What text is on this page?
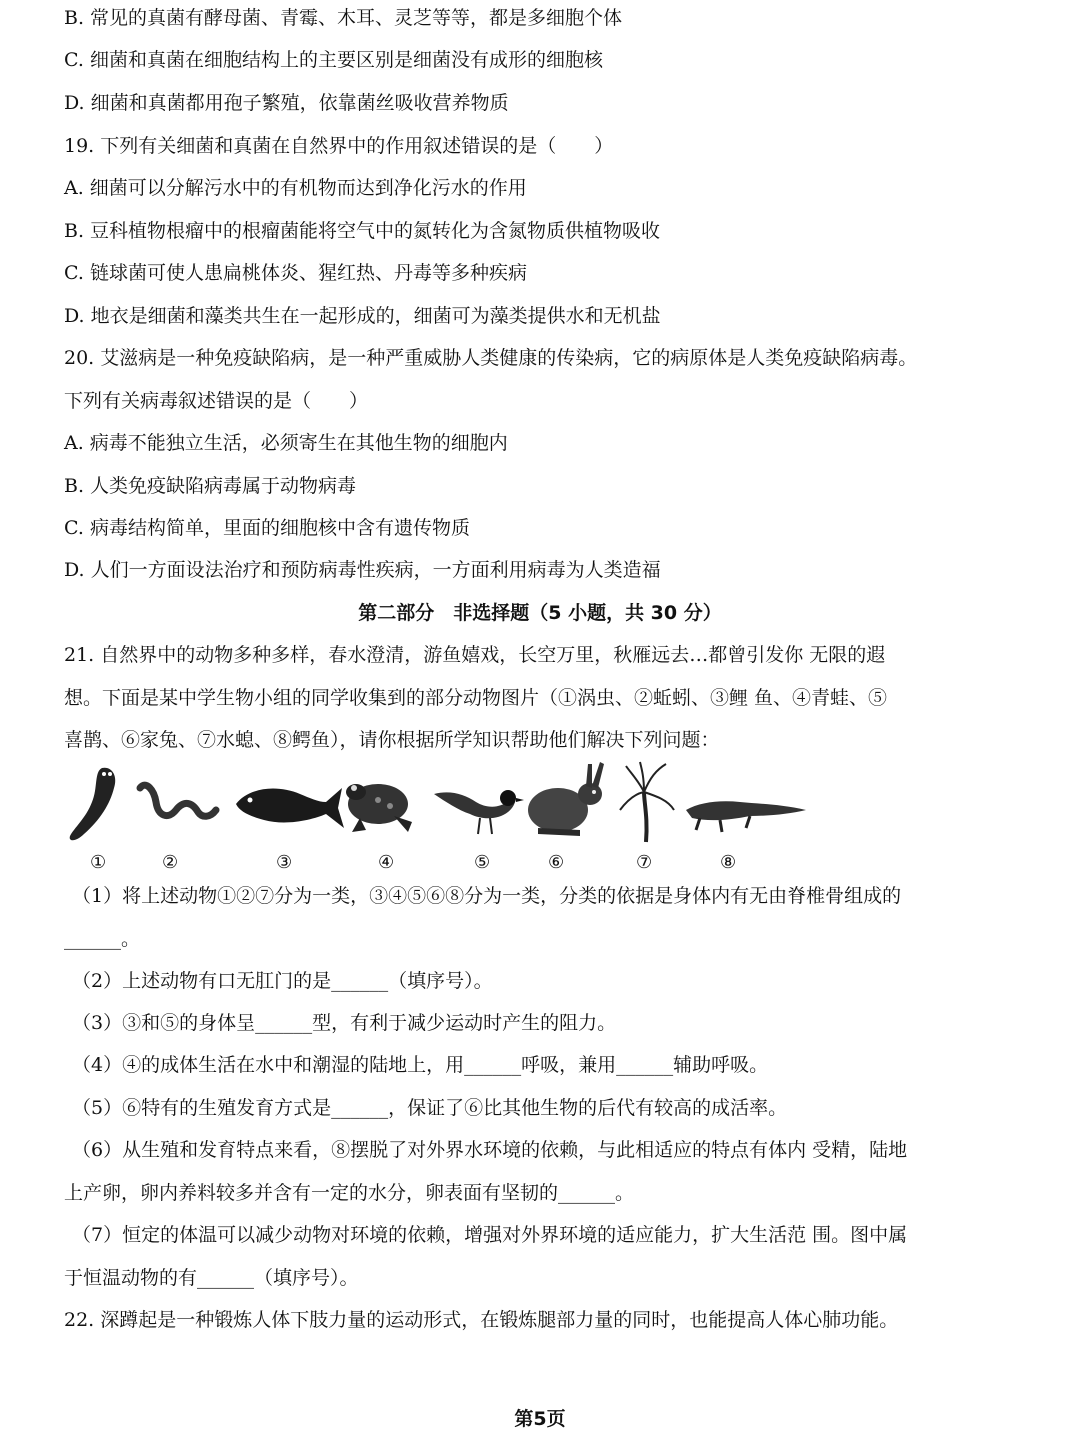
B. 常见的真菌有酵母菌、青霉、木耳、灵芝等等，都是多细胞个体
C. 细菌和真菌在细胞结构上的主要区别是细菌没有成形的细胞核
D. 细菌和真菌都用孢子繁殖，依靠菌丝吸收营养物质
19. 下列有关细菌和真菌在自然界中的作用叙述错误的是（　　）
A. 细菌可以分解污水中的有机物而达到净化污水的作用
B. 豆科植物根瘤中的根瘤菌能将空气中的氮转化为含氮物质供植物吸收
C. 链球菌可使人患扁桃体炎、猩红热、丹毒等多种疾病
D. 地衣是细菌和藻类共生在一起形成的，细菌可为藻类提供水和无机盐
20. 艾滋病是一种免疫缺陷病，是一种严重威胁人类健康的传染病，它的病原体是人类免疫缺陷病毒。
下列有关病毒叙述错误的是（　　）
A. 病毒不能独立生活，必须寄生在其他生物的细胞内
B. 人类免疫缺陷病毒属于动物病毒
C. 病毒结构简单，里面的细胞核中含有遗传物质
D. 人们一方面设法治疗和预防病毒性疾病，一方面利用病毒为人类造福
第二部分　非选择题（5 小题，共 30 分）
21. 自然界中的动物多种多样，春水澄清，游鱼嬉戏，长空万里，秋雁远去…都曾引发你 无限的遐
想。下面是某中学生物小组的同学收集到的部分动物图片（①涡虫、②蚯蚓、③鲤 鱼、④青蛙、⑤
喜鹊、⑥家兔、⑦水螅、⑧鳄鱼），请你根据所学知识帮助他们解决下列问题：
①	②	③	④	⑤	⑥	⑦	⑧
（1）将上述动物①②⑦分为一类，③④⑤⑥⑧分为一类，分类的依据是身体内有无由脊椎骨组成的
______。
（2）上述动物有口无肛门的是______（填序号）。
（3）③和⑤的身体呈______型，有利于减少运动时产生的阻力。
（4）④的成体生活在水中和潮湿的陆地上，用______呼吸，兼用______辅助呼吸。
（5）⑥特有的生殖发育方式是______，保证了⑥比其他生物的后代有较高的成活率。
（6）从生殖和发育特点来看，⑧摆脱了对外界水环境的依赖，与此相适应的特点有体内 受精，陆地
上产卵，卵内养料较多并含有一定的水分，卵表面有坚韧的______。
（7）恒定的体温可以减少动物对环境的依赖，增强对外界环境的适应能力，扩大生活范 围。图中属
于恒温动物的有______（填序号）。
22. 深蹲起是一种锻炼人体下肢力量的运动形式，在锻炼腿部力量的同时，也能提高人体心肺功能。
第5页
